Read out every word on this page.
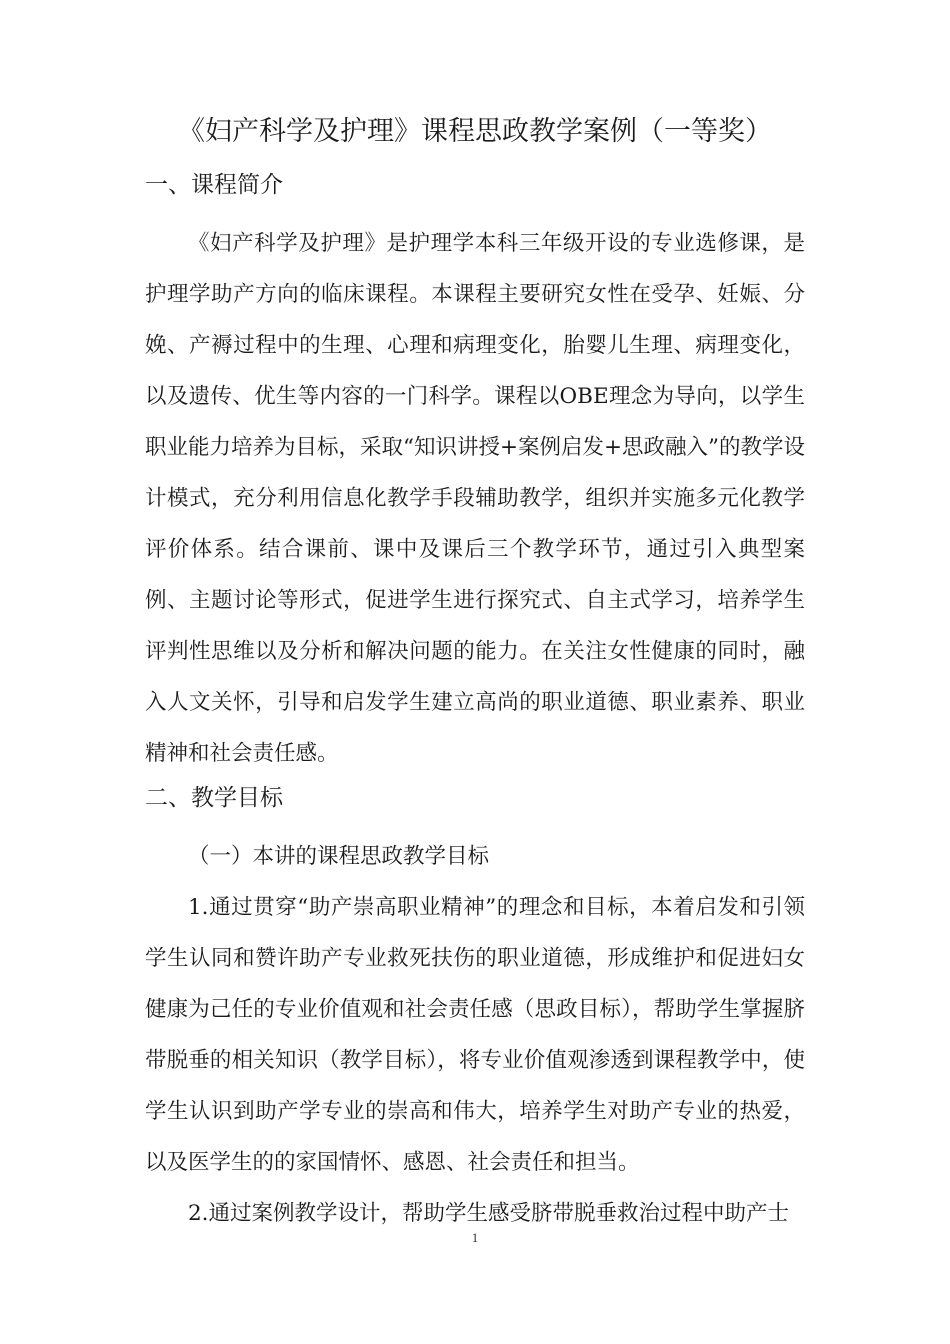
《妇产科学及护理》课程思政教学案例（一等奖）
一、课程简介

《妇产科学及护理》是护理学本科三年级开设的专业选修课，是护理学助产方向的临床课程。本课程主要研究女性在受孕、妊娠、分娩、产褥过程中的生理、心理和病理变化，胎婴儿生理、病理变化，以及遗传、优生等内容的一门科学。课程以OBE理念为导向，以学生职业能力培养为目标，采取“知识讲授+案例启发+思政融入”的教学设计模式，充分利用信息化教学手段辅助教学，组织并实施多元化教学评价体系。结合课前、课中及课后三个教学环节，通过引入典型案例、主题讨论等形式，促进学生进行探究式、自主式学习，培养学生评判性思维以及分析和解决问题的能力。在关注女性健康的同时，融入人文关怀，引导和启发学生建立高尚的职业道德、职业素养、职业精神和社会责任感。

二、教学目标

（一）本讲的课程思政教学目标

1.通过贯穿“助产崇高职业精神”的理念和目标，本着启发和引领学生认同和赞许助产专业救死扶伤的职业道德，形成维护和促进妇女健康为己任的专业价值观和社会责任感（思政目标），帮助学生掌握脐带脱垂的相关知识（教学目标），将专业价值观渗透到课程教学中，使学生认识到助产学专业的崇高和伟大，培养学生对助产专业的热爱，以及医学生的的家国情怀、感恩、社会责任和担当。

2.通过案例教学设计，帮助学生感受脐带脱垂救治过程中助产士

1
